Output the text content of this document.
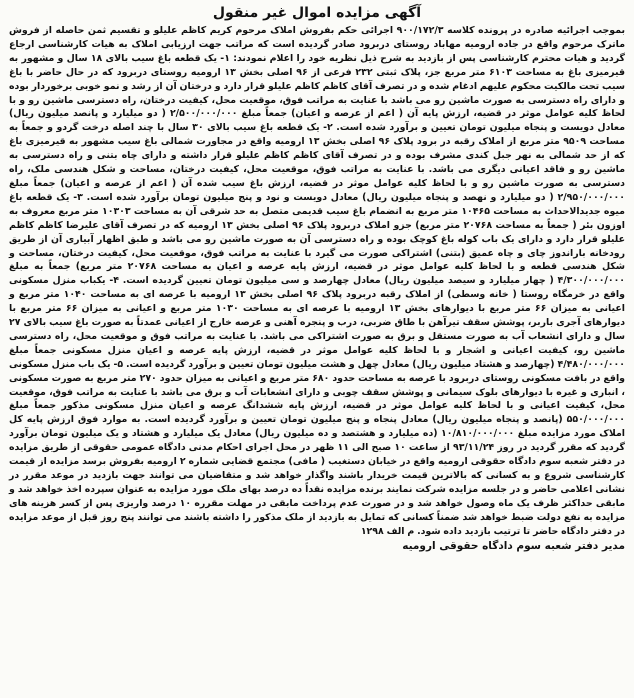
آگهی مزایده اموال غیر منقول

بموجب اجرائیه صادره در پرونده کلاسه ۹۰۰/۱۷۲/۳ اجرائی حکم بفروش املاک مرحوم کریم کاظم علیلو و تقسیم ثمن حاصله از فروش ماترک مرحوم واقع در جاده ارومیه مهاباد روستای دربرود صادر گردیده است که مراتب جهت ارزیابی املاک به هیات کارشناسی ارجاع گردید و هیات محترم کارشناسی پس از بازدید به شرح ذیل نظریه خود را اعلام نمودند: ۱- یک قطعه باغ سیب بالای ۱۸ سال و مشهور به قیرمیزی باغ به مساحت ۶۱۰۳ متر مربع جز، پلاک ثبتی ۲۳۲ فرعی از ۹۶ اصلی بخش ۱۳ ارومیه روستای دربرود که در حال حاضر با باغ سیب تحت مالکیت محکوم علیهم ادغام شده و در تصرف آقای کاظم کاظم علیلو قرار دارد و درختان آن از رشد و نمو خوبی برخوردار بوده و دارای راه دسترسی به صورت ماشین رو می باشد با عنایت به مراتب فوق، موقعیت محل، کیفیت درختان، راه دسترسی ماشین رو و با لحاظ کلیه عوامل موثر در قضیه، ارزش پایه آن ( اعم از عرصه و اعیان) جمعاً مبلغ ۲/۵۰۰/۰۰۰/۰۰۰ ( دو میلیارد و پانصد میلیون ریال) معادل دویست و پنجاه میلیون تومان تعیین و برآورد شده است. ۲- یک قطعه باغ سیب بالای ۳۰ سال با چند اصله درخت گردو و جمعاً به مساحت ۹۵۰۹ متر مربع از املاک رقبه در برود پلاک ۹۶ اصلی بخش ۱۳ ارومیه واقع در مجاورت شمالی باغ سیب مشهور به قیرمیزی باغ که از حد شمالی به نهر جبل کندی مشرف بوده و در تصرف آقای کاظم کاظم علیلو قرار داشته و دارای چاه بتنی و راه دسترسی به ماشین رو و فاقد اعیانی دیگری می باشد. با عنایت به مراتب فوق، موقعیت محل، کیفیت درختان، مساحت و شکل هندسی ملک، راه دسترسی به صورت ماشین رو و با لحاظ کلیه عوامل موثر در قضیه، ارزش باغ سیب شده آن ( اعم از عرصه و اعیان) جمعاً مبلغ ۲/۹۵۰/۰۰۰/۰۰۰ ( دو میلیارد و نهصد و پنجاه میلیون ریال) معادل دویست و نود و پنج میلیون تومان برآورد شده است. ۳- یک قطعه باغ میوه جدیدالاحداث به مساحت ۱۰۴۶۵ متر مربع به انضمام باغ سیب قدیمی متصل به حد شرقی آن به مساحت ۱۰۳۰۳ متر مربع معروف به اوزون بئر ( جمعاً به مساحت ۲۰۷۶۸ متر مربع) جزو املاک دربرود پلاک ۹۶ اصلی بخش ۱۳ ارومیه که در تصرف آقای علیرضا کاظم کاظم علیلو قرار دارد و دارای یک باب کوله باغ کوچک بوده و راه دسترسی آن به صورت ماشین رو می باشد و طبق اظهار آبیاری آن از طریق رودخانه باراندوز چای و چاه عمیق (بتنی) اشتراکی صورت می گیرد با عنایت به مراتب فوق، موقعیت محل، کیفیت درختان، مساحت و شکل هندسی قطعه و با لحاظ کلیه عوامل موثر در قضیه، ارزش پایه عرصه و اعیان به مساحت ۲۰۷۶۸ متر مربع) جمعاً به مبلغ ۴/۳۰۰/۰۰۰/۰۰۰ ( چهار میلیارد و سیصد میلیون ریال) معادل چهارصد و سی میلیون تومان تعیین گردیده است. ۴- یکباب منزل مسکونی واقع در خرمگاه روستا ( خانه وسطی) از املاک رقبه دربرود پلاک ۹۶ اصلی بخش ۱۳ ارومیه با عرصه ای به مساحت ۱۰۴۰ متر مربع و اعیانی به میزان ۶۶ متر مربع با دیوارهای بخش ۱۳ ارومیه با عرصه ای به مساحت ۱۰۳۰ متر مربع و اعیانی به میزان ۶۶ متر مربع با دیوارهای آجری باربر، پوشش سقف تیرآهن با طاق ضربی، درب و پنجره آهنی و عرصه خارج از اعیانی عمدتاً به صورت باغ سیب بالای ۲۷ سال و دارای انشعاب آب به صورت مستقل و برق به صورت اشتراکی می باشد. با عنایت به مراتب فوق و موقعیت محل، راه دسترسی ماشین رو، کیفیت اعیانی و اشجار و با لحاظ کلیه عوامل موثر در قضیه، ارزش پایه عرصه و اعیان منزل مسکونی جمعاً مبلغ ۴/۴۸۰/۰۰۰/۰۰۰ (چهارصد و هشتاد میلیون ریال) معادل چهل و هشت میلیون تومان تعیین و برآورد گردیده است. ۵- یک باب منزل مسکونی واقع در بافت مسکونی روستای دربرود با عرصه به مساحت حدود ۶۸۰ متر مربع و اعیانی به میزان حدود ۲۷۰ متر مربع به صورت مسکونی ، انباری و غیره با دیوارهای بلوک سیمانی و پوشش سقف چوبی و دارای انشعابات آب و برق می باشد با عنایت به مراتب فوق، موقعیت محل، کیفیت اعیانی و با لحاظ کلیه عوامل موثر در قضیه، ارزش پایه ششدانگ عرصه و اعیان منزل مسکونی مذکور جمعاً مبلغ ۵۵۰/۰۰۰/۰۰۰ (پانصد و پنجاه میلیون ریال) معادل پنجاه و پنج میلیون تومان تعیین و برآورد گردیده است. به موارد فوق ارزش پایه کل املاک مورد مزایده مبلغ ۱۰/۸۱۰/۰۰۰/۰۰۰ (ده میلیارد و هشتصد و ده میلیون ریال) معادل یک میلیارد و هشتاد و یک میلیون تومان برآورد گردید که مقرر گردید در روز ۹۳/۱۱/۲۴ از ساعت ۱۰ صبح الی ۱۱ ظهر در محل اجرای احکام مدنی دادگاه عمومی حقوقی از طریق مزایده در دفتر شعبه سوم دادگاه حقوقی ارومیه واقع در خیابان دستغیب ( مافی) مجتمع قضایی شماره ۲ ارومیه بفروش برسد مزایده از قیمت کارشناسی شروع و به کسانی که بالاترین قیمت خریدار باشند واگذار خواهد شد و متقاضیان می توانند جهت بازدید در موعد مقرر در نشانی اعلامی حاضر و در جلسه مزایده شرکت نمایند برنده مزایده نقداً ده درصد بهای ملک مورد مزایده به عنوان سپرده اخذ خواهد شد و مابقی حداکثر ظرف یک ماه وصول خواهد شد و در صورت عدم پرداخت مابقی در مهلت مقرره ۱۰ درصد واریزی پس از کسر هزینه های مزایده به نفع دولت ضبط خواهد شد ضمناً کسانی که تمایل به بازدید از ملک مذکور را داشته باشند می توانند پنج روز قبل از موعد مزایده در دفتر دادگاه حاضر تا ترتیب بازدید داده شود. م الف ۱۲۹۸

مدیر دفتر شعبه سوم دادگاه حقوقی ارومیه
